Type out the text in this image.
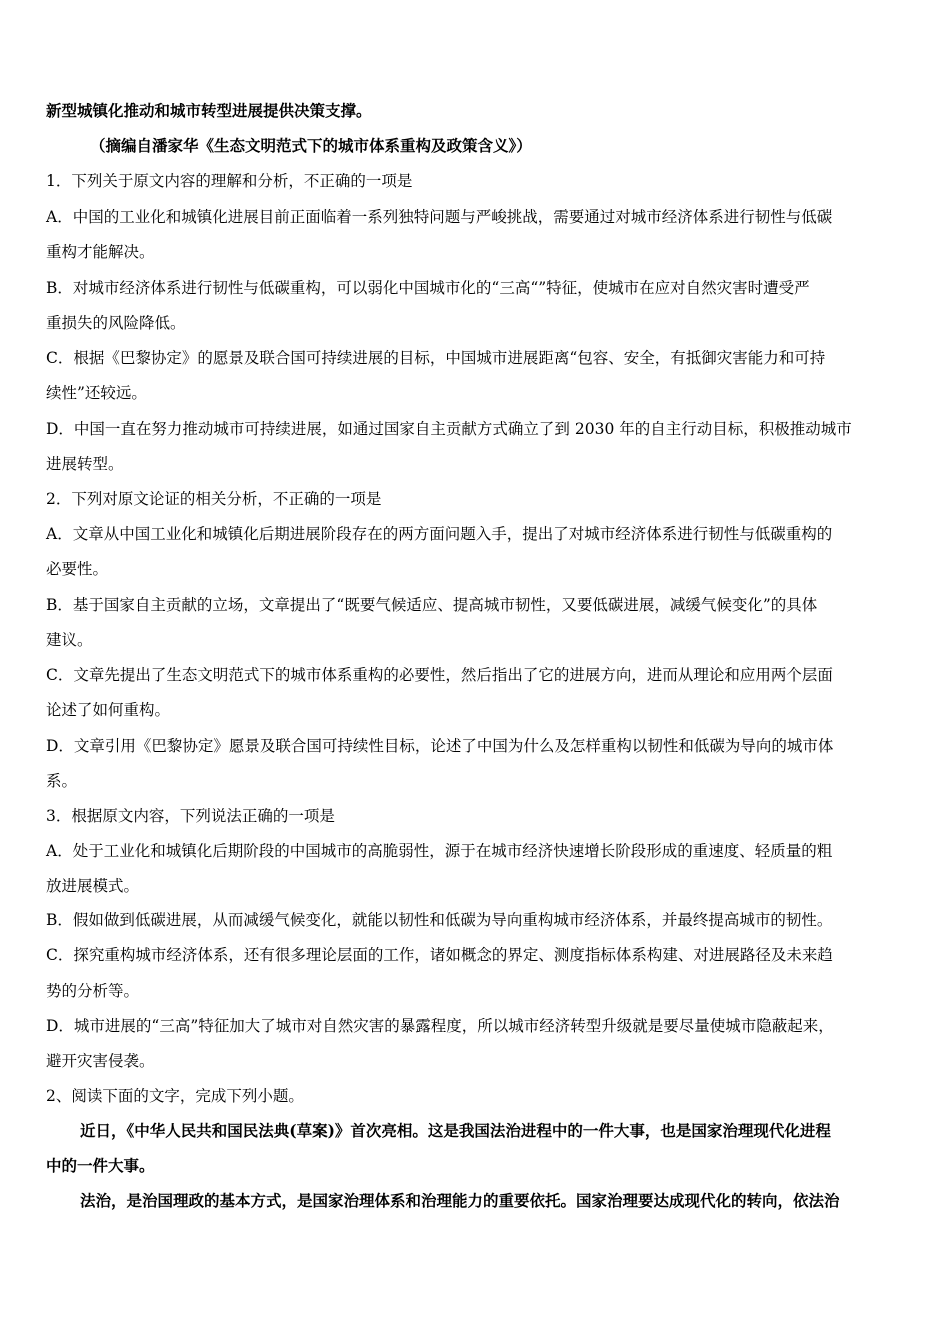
新型城镇化推动和城市转型进展提供决策支撑。
（摘编自潘家华《生态文明范式下的城市体系重构及政策含义》）
1．下列关于原文内容的理解和分析，不正确的一项是
A．中国的工业化和城镇化进展目前正面临着一系列独特问题与严峻挑战，需要通过对城市经济体系进行韧性与低碳
重构才能解决。
B．对城市经济体系进行韧性与低碳重构，可以弱化中国城市化的“三高“”特征，使城市在应对自然灾害时遭受严
重损失的风险降低。
C．根据《巴黎协定》的愿景及联合国可持续进展的目标，中国城市进展距离“包容、安全，有抵御灾害能力和可持
续性”还较远。
D．中国一直在努力推动城市可持续进展，如通过国家自主贡献方式确立了到 2030 年的自主行动目标，积极推动城市
进展转型。
2．下列对原文论证的相关分析，不正确的一项是
A．文章从中国工业化和城镇化后期进展阶段存在的两方面问题入手，提出了对城市经济体系进行韧性与低碳重构的
必要性。
B．基于国家自主贡献的立场，文章提出了“既要气候适应、提高城市韧性，又要低碳进展，减缓气候变化”的具体
建议。
C．文章先提出了生态文明范式下的城市体系重构的必要性，然后指出了它的进展方向，进而从理论和应用两个层面
论述了如何重构。
D．文章引用《巴黎协定》愿景及联合国可持续性目标，论述了中国为什么及怎样重构以韧性和低碳为导向的城市体
系。
3．根据原文内容，下列说法正确的一项是
A．处于工业化和城镇化后期阶段的中国城市的高脆弱性，源于在城市经济快速增长阶段形成的重速度、轻质量的粗
放进展模式。
B．假如做到低碳进展，从而减缓气候变化，就能以韧性和低碳为导向重构城市经济体系，并最终提高城市的韧性。
C．探究重构城市经济体系，还有很多理论层面的工作，诸如概念的界定、测度指标体系构建、对进展路径及未来趋
势的分析等。
D．城市进展的“三高”特征加大了城市对自然灾害的暴露程度，所以城市经济转型升级就是要尽量使城市隐蔽起来，
避开灾害侵袭。
2、阅读下面的文字，完成下列小题。
近日，《中华人民共和国民法典(草案)》首次亮相。这是我国法治进程中的一件大事，也是国家治理现代化进程
中的一件大事。
法治，是治国理政的基本方式，是国家治理体系和治理能力的重要依托。国家治理要达成现代化的转向，依法治
